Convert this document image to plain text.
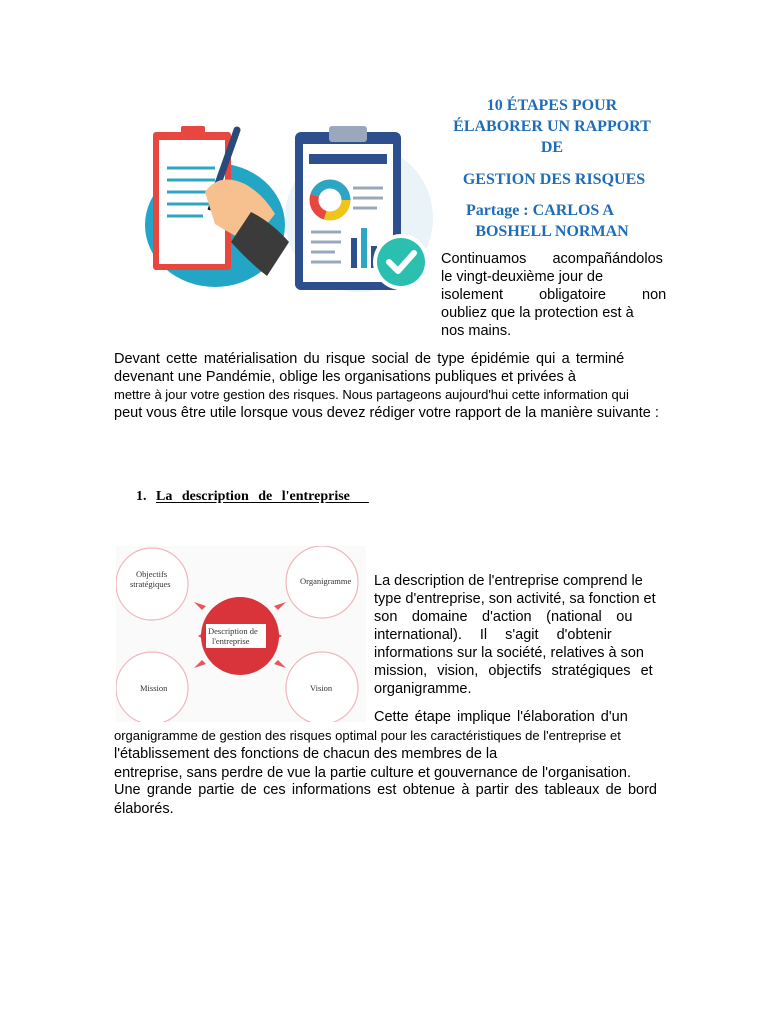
10 ÉTAPES POUR
ÉLABORER UN RAPPORT
DE
GESTION DES RISQUES
Partage : CARLOS A
BOSHELL NORMAN
Continuamos acompañándolos
le vingt-deuxième jour de
isolement obligatoire non
oubliez que la protection est à
nos mains.
Devant cette matérialisation du risque social de type épidémie qui a terminé
devenant une Pandémie, oblige les organisations publiques et privées à
mettre à jour votre gestion des risques. Nous partageons aujourd'hui cette information qui
peut vous être utile lorsque vous devez rédiger votre rapport de la manière suivante :
1. La description de l'entreprise
Description de
l'entreprise
Objectifs
stratégiques	Organigramme
Mission	Vision
La description de l'entreprise comprend le
type d'entreprise, son activité, sa fonction et
son domaine d'action (national ou
international). Il s'agit d'obtenir
informations sur la société, relatives à son
mission, vision, objectifs stratégiques et
organigramme.
Cette étape implique l'élaboration d'un
organigramme de gestion des risques optimal pour les caractéristiques de l'entreprise et
l'établissement des fonctions de chacun des membres de la
entreprise, sans perdre de vue la partie culture et gouvernance de l'organisation.
Une grande partie de ces informations est obtenue à partir des tableaux de bord élaborés.
